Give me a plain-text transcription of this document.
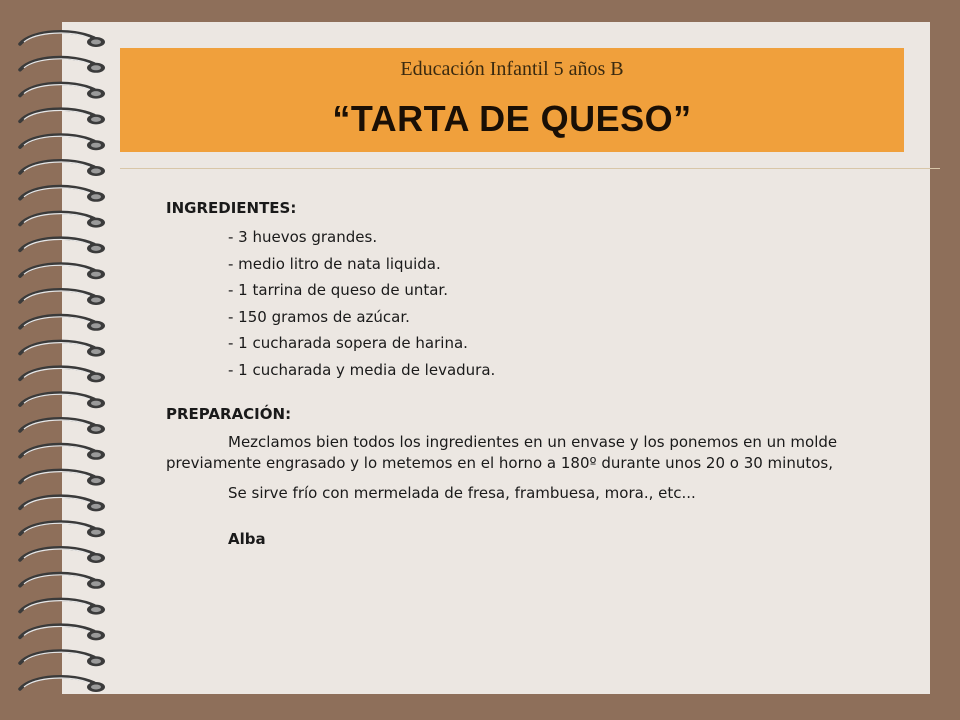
Educación Infantil 5 años B
“TARTA DE QUESO”

INGREDIENTES:

- 3 huevos grandes.
- medio litro de nata liquida.
- 1 tarrina de queso de untar.
- 150 gramos de azúcar.
- 1 cucharada sopera de harina.
- 1 cucharada y media de levadura.

PREPARACIÓN:

Mezclamos bien todos los ingredientes en un envase y los ponemos en un molde previamente engrasado y lo metemos en el horno a 180º durante unos 20 o 30 minutos,

Se sirve frío con mermelada de fresa, frambuesa, mora., etc...

Alba
